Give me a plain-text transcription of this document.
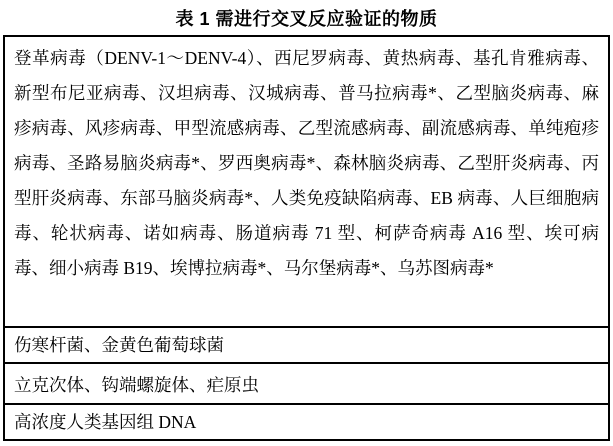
表 1 需进行交叉反应验证的物质
登革病毒（DENV-1～DENV-4）、西尼罗病毒、黄热病毒、基孔肯雅病毒、新型布尼亚病毒、汉坦病毒、汉城病毒、普马拉病毒*、乙型脑炎病毒、麻疹病毒、风疹病毒、甲型流感病毒、乙型流感病毒、副流感病毒、单纯疱疹病毒、圣路易脑炎病毒*、罗西奥病毒*、森林脑炎病毒、乙型肝炎病毒、丙型肝炎病毒、东部马脑炎病毒*、人类免疫缺陷病毒、EB 病毒、人巨细胞病毒、轮状病毒、诺如病毒、肠道病毒 71 型、柯萨奇病毒 A16 型、埃可病毒、细小病毒 B19、埃博拉病毒*、马尔堡病毒*、乌苏图病毒*
伤寒杆菌、金黄色葡萄球菌
立克次体、钩端螺旋体、疟原虫
高浓度人类基因组 DNA
